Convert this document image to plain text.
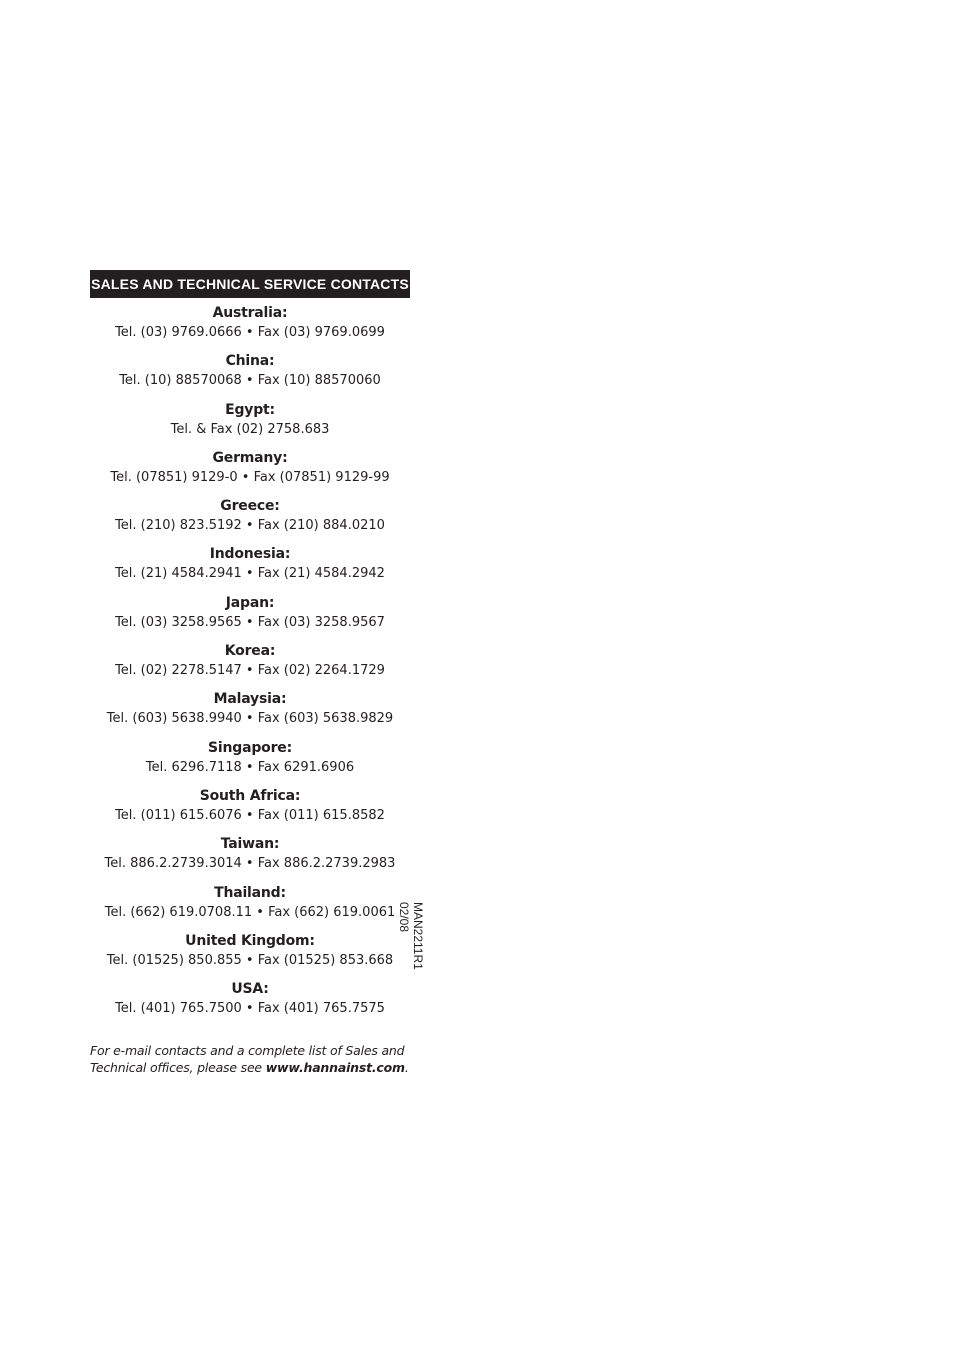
SALES AND TECHNICAL SERVICE CONTACTS
Australia:
Tel. (03) 9769.0666 • Fax (03) 9769.0699
China:
Tel. (10) 88570068 • Fax (10) 88570060
Egypt:
Tel. & Fax (02) 2758.683
Germany:
Tel. (07851) 9129-0 • Fax (07851) 9129-99
Greece:
Tel. (210) 823.5192 • Fax (210) 884.0210
Indonesia:
Tel. (21) 4584.2941 • Fax (21) 4584.2942
Japan:
Tel. (03) 3258.9565 • Fax (03) 3258.9567
Korea:
Tel. (02) 2278.5147 • Fax (02) 2264.1729
Malaysia:
Tel. (603) 5638.9940 • Fax (603) 5638.9829
Singapore:
Tel. 6296.7118 • Fax 6291.6906
South Africa:
Tel. (011) 615.6076 • Fax (011) 615.8582
Taiwan:
Tel. 886.2.2739.3014 • Fax 886.2.2739.2983
Thailand:
Tel. (662) 619.0708.11 • Fax (662) 619.0061
United Kingdom:
Tel. (01525) 850.855 • Fax (01525) 853.668
USA:
Tel. (401) 765.7500 • Fax (401) 765.7575
For e-mail contacts and a complete list of Sales and
Technical offices, please see www.hannainst.com.
MAN2211R1
02/08
